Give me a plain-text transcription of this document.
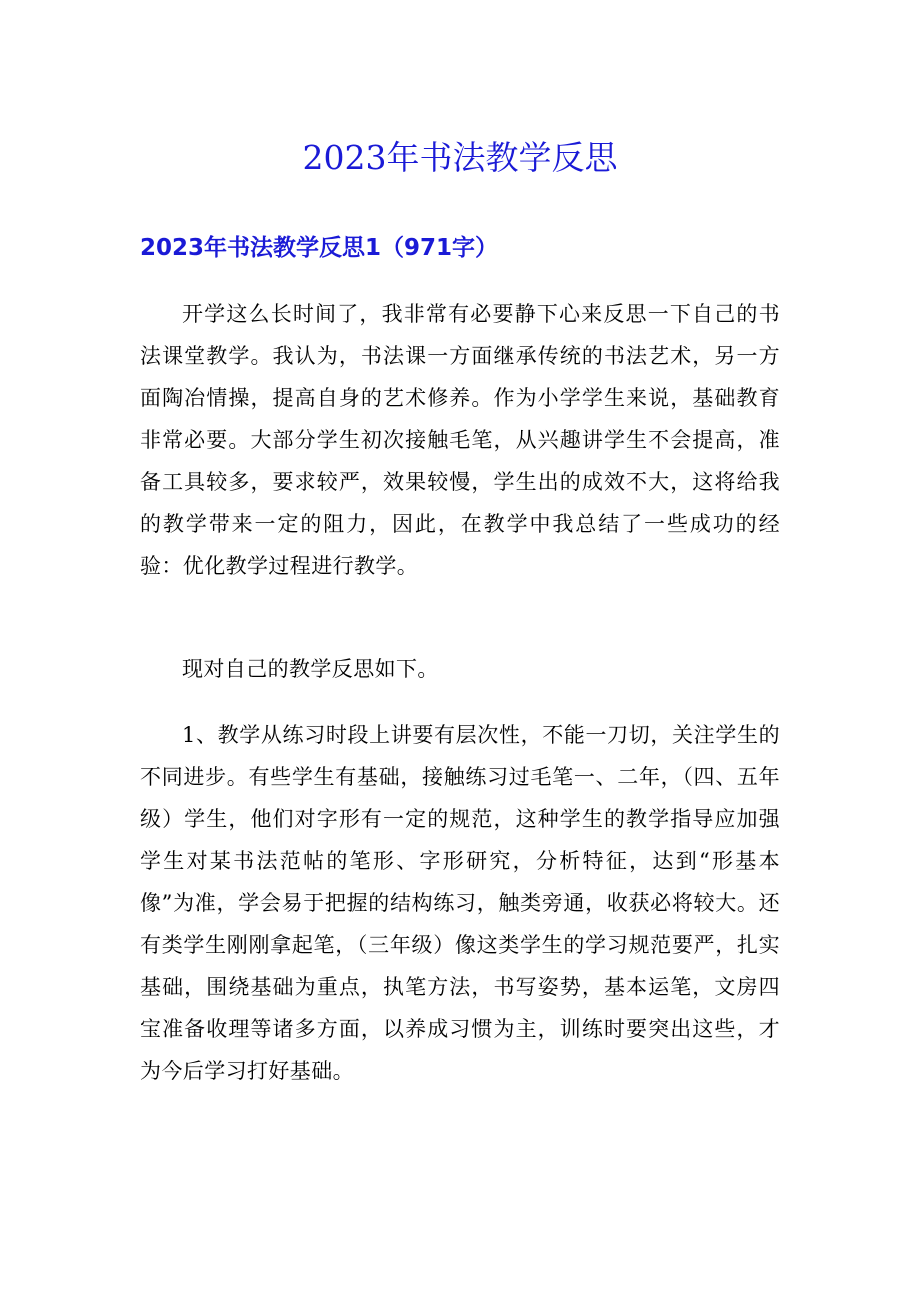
2023年书法教学反思
2023年书法教学反思1（971字）

开学这么长时间了，我非常有必要静下心来反思一下自己的书法课堂教学。我认为，书法课一方面继承传统的书法艺术，另一方面陶冶情操，提高自身的艺术修养。作为小学学生来说，基础教育非常必要。大部分学生初次接触毛笔，从兴趣讲学生不会提高，准备工具较多，要求较严，效果较慢，学生出的成效不大，这将给我的教学带来一定的阻力，因此，在教学中我总结了一些成功的经验：优化教学过程进行教学。

现对自己的教学反思如下。

1、教学从练习时段上讲要有层次性，不能一刀切，关注学生的不同进步。有些学生有基础，接触练习过毛笔一、二年，（四、五年级）学生，他们对字形有一定的规范，这种学生的教学指导应加强学生对某书法范帖的笔形、字形研究，分析特征，达到“形基本像”为准，学会易于把握的结构练习，触类旁通，收获必将较大。还有类学生刚刚拿起笔，（三年级）像这类学生的学习规范要严，扎实基础，围绕基础为重点，执笔方法，书写姿势，基本运笔，文房四宝准备收理等诸多方面，以养成习惯为主，训练时要突出这些，才为今后学习打好基础。
